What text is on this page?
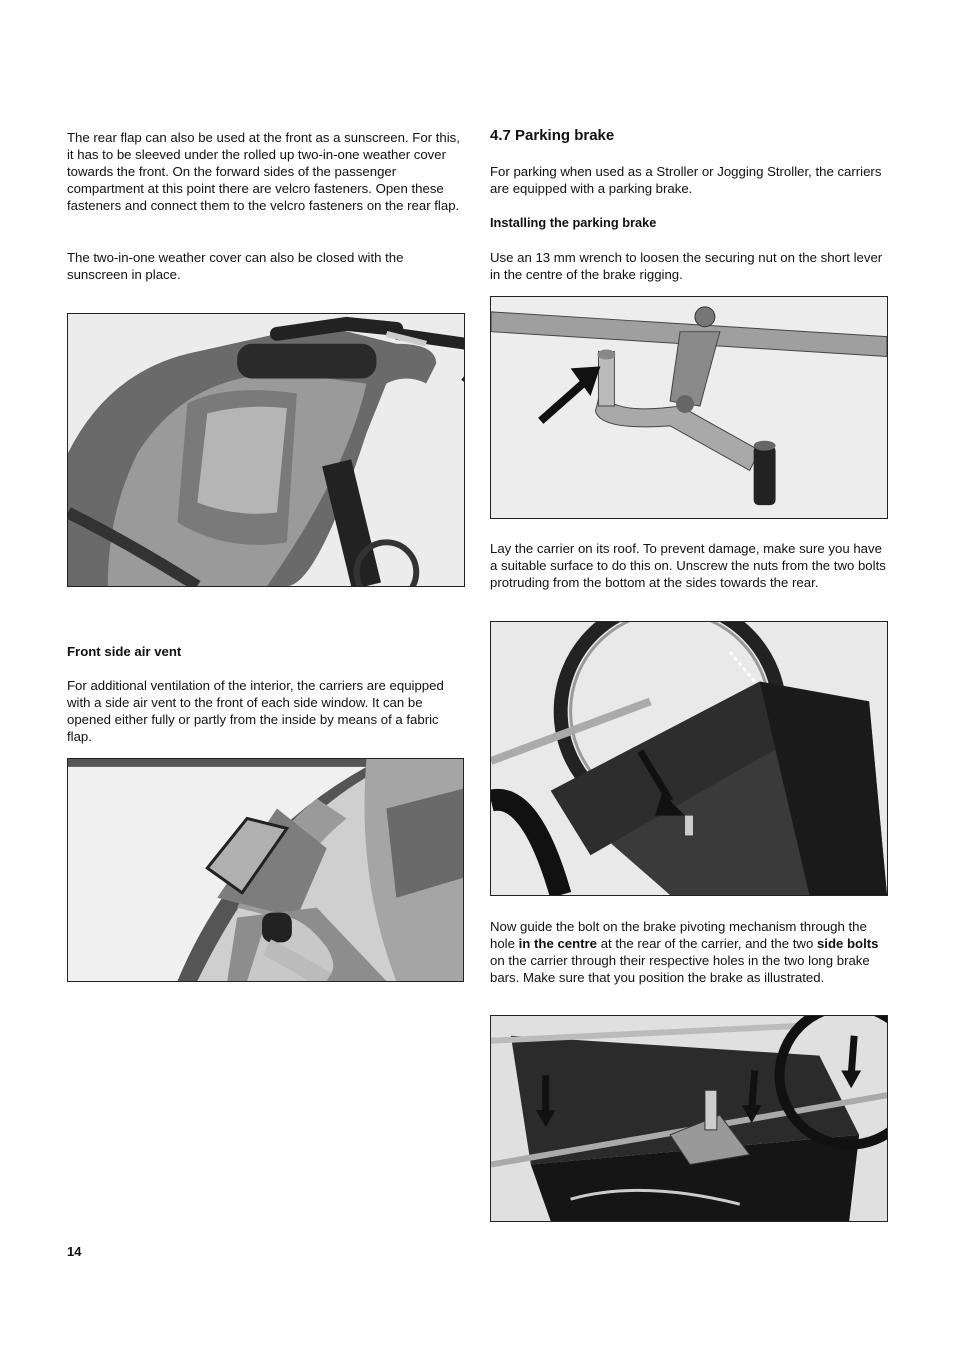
The rear flap can also be used at the front as a sunscreen. For this, it has to be sleeved under the rolled up two-in-one weather cover towards the front. On the forward sides of the passenger compartment at this point there are velcro fasteners. Open these fasteners and connect them to the velcro fasteners on the rear flap.

The two-in-one weather cover can also be closed with the sunscreen in place.

Front side air vent

For additional ventilation of the interior, the carriers are equipped with a side air vent to the front of each side window. It can be opened either fully or partly from the inside by means of a fabric flap.

4.7 Parking brake

For parking when used as a Stroller or Jogging Stroller, the carriers are equipped with a parking brake.

Installing the parking brake

Use an 13 mm wrench to loosen the securing nut on the short lever in the centre of the brake rigging.

Lay the carrier on its roof. To prevent damage, make sure you have a suitable surface to do this on. Unscrew the nuts from the two bolts protruding from the bottom at the sides towards the rear.

Now guide the bolt on the brake pivoting mechanism through the hole in the centre at the rear of the carrier, and the two side bolts on the carrier through their respective holes in the two long brake bars. Make sure that you position the brake as illustrated.

14
